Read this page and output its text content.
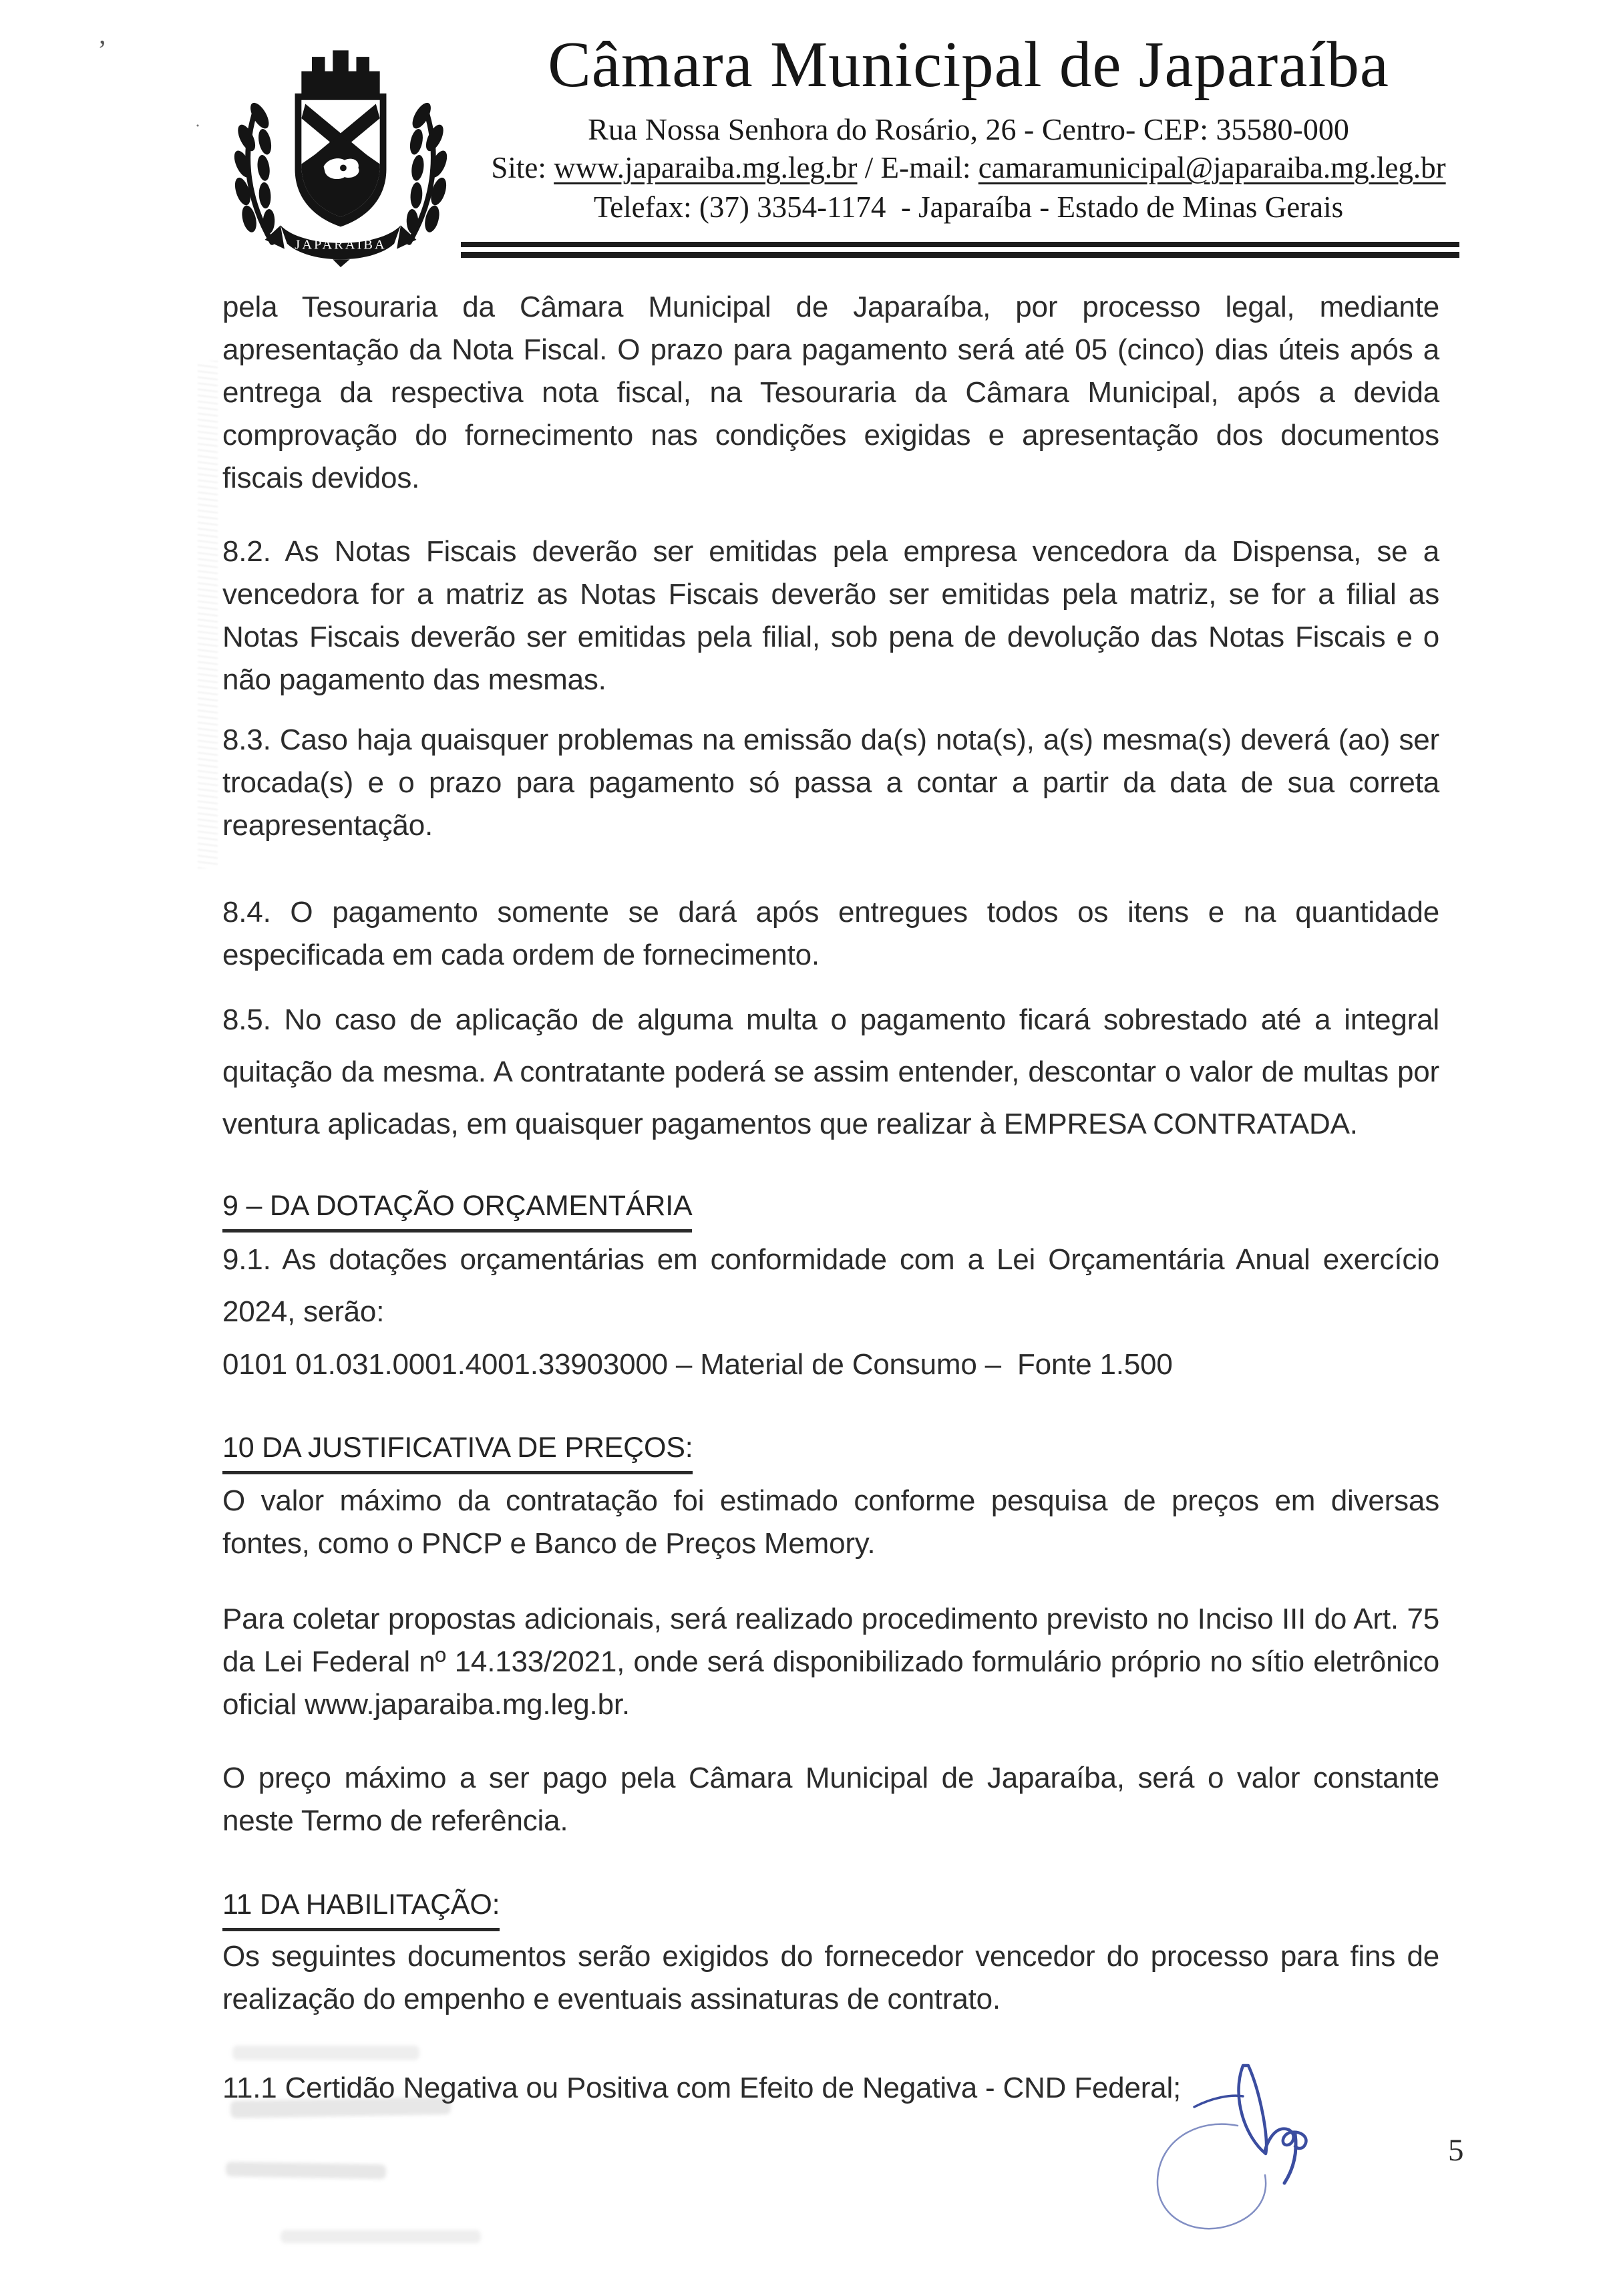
JAPARAÍBA
Câmara Municipal de Japaraíba
Rua Nossa Senhora do Rosário, 26 - Centro- CEP: 35580-000
Site: www.japaraiba.mg.leg.br / E-mail: camaramunicipal@japaraiba.mg.leg.br
Telefax: (37) 3354-1174  - Japaraíba - Estado de Minas Gerais

pela Tesouraria da Câmara Municipal de Japaraíba, por processo legal, mediante apresentação da Nota Fiscal. O prazo para pagamento será até 05 (cinco) dias úteis após a entrega da respectiva nota fiscal, na Tesouraria da Câmara Municipal, após a devida comprovação do fornecimento nas condições exigidas e apresentação dos documentos fiscais devidos.

8.2. As Notas Fiscais deverão ser emitidas pela empresa vencedora da Dispensa, se a vencedora for a matriz as Notas Fiscais deverão ser emitidas pela matriz, se for a filial as Notas Fiscais deverão ser emitidas pela filial, sob pena de devolução das Notas Fiscais e o não pagamento das mesmas.

8.3. Caso haja quaisquer problemas na emissão da(s) nota(s), a(s) mesma(s) deverá (ao) ser trocada(s) e o prazo para pagamento só passa a contar a partir da data de sua correta reapresentação.

8.4. O pagamento somente se dará após entregues todos os itens e na quantidade especificada em cada ordem de fornecimento.

8.5. No caso de aplicação de alguma multa o pagamento ficará sobrestado até a integral quitação da mesma. A contratante poderá se assim entender, descontar o valor de multas por ventura aplicadas, em quaisquer pagamentos que realizar à EMPRESA CONTRATADA.

9 – DA DOTAÇÃO ORÇAMENTÁRIA

9.1. As dotações orçamentárias em conformidade com a Lei Orçamentária Anual exercício 2024, serão:

0101 01.031.0001.4001.33903000 – Material de Consumo –  Fonte 1.500

10 DA JUSTIFICATIVA DE PREÇOS:

O valor máximo da contratação foi estimado conforme pesquisa de preços em diversas fontes, como o PNCP e Banco de Preços Memory.

Para coletar propostas adicionais, será realizado procedimento previsto no Inciso III do Art. 75 da Lei Federal nº 14.133/2021, onde será disponibilizado formulário próprio no sítio eletrônico oficial www.japaraiba.mg.leg.br.

O preço máximo a ser pago pela Câmara Municipal de Japaraíba, será o valor constante neste Termo de referência.

11 DA HABILITAÇÃO:

Os seguintes documentos serão exigidos do fornecedor vencedor do processo para fins de realização do empenho e eventuais assinaturas de contrato.

11.1 Certidão Negativa ou Positiva com Efeito de Negativa - CND Federal;

5
’
